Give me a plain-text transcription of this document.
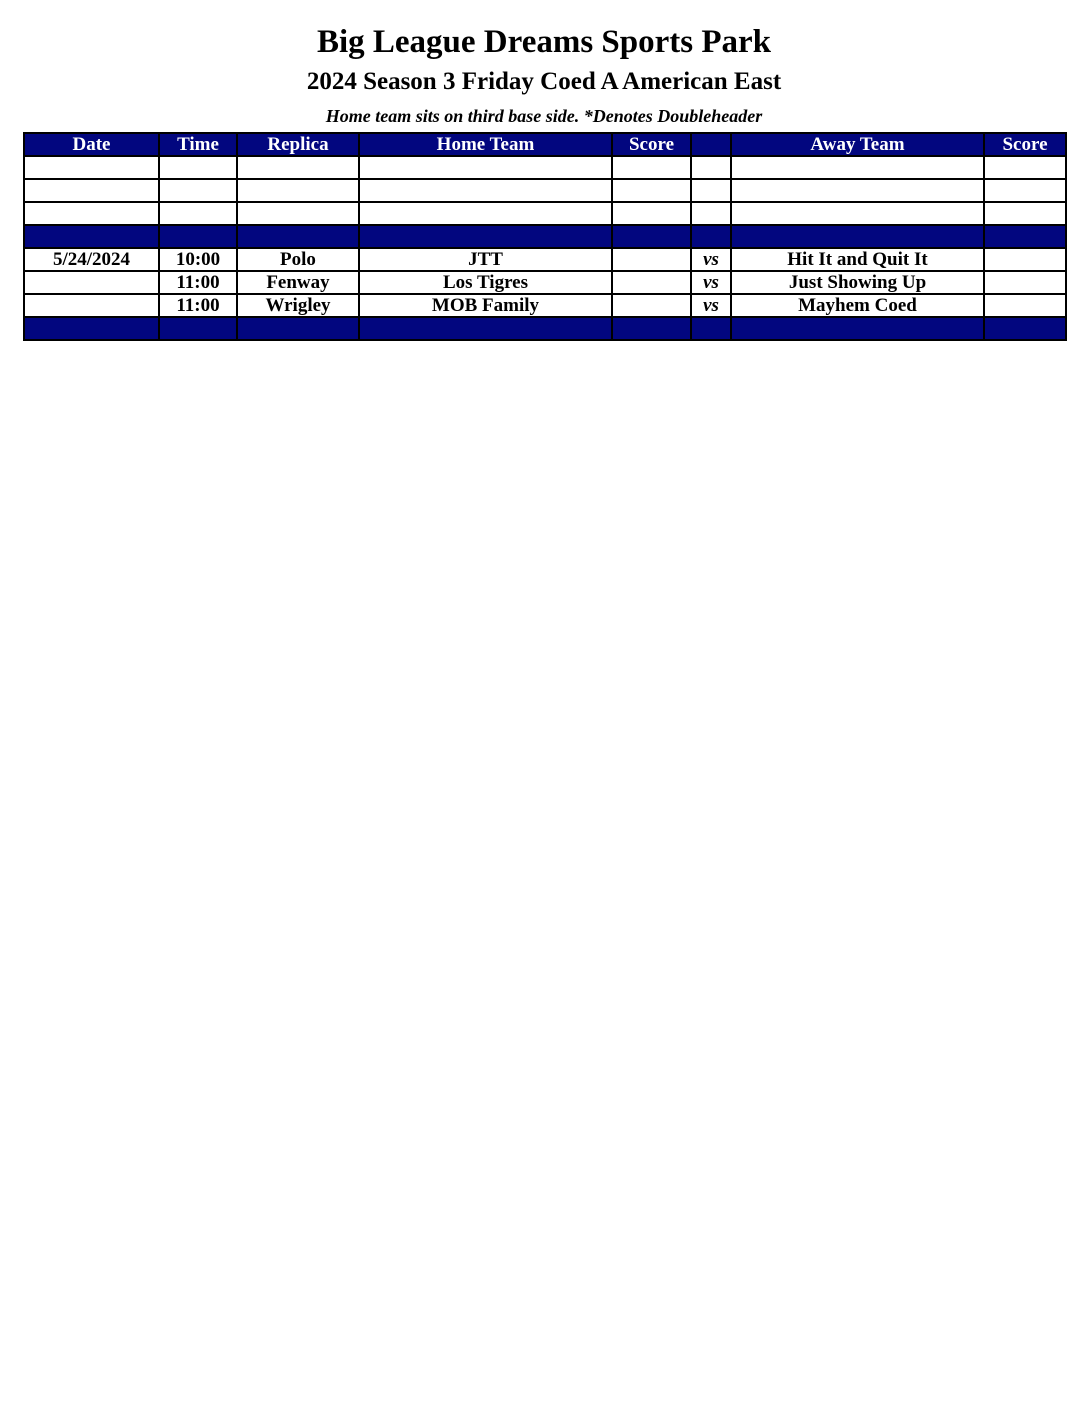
Big League Dreams Sports Park
2024 Season 3 Friday Coed A American East
Home team sits on third base side. *Denotes Doubleheader
Date	Time	Replica	Home Team	Score		Away Team	Score

5/24/2024	10:00	Polo	JTT		vs	Hit It and Quit It	
	11:00	Fenway	Los Tigres		vs	Just Showing Up	
	11:00	Wrigley	MOB Family		vs	Mayhem Coed	
